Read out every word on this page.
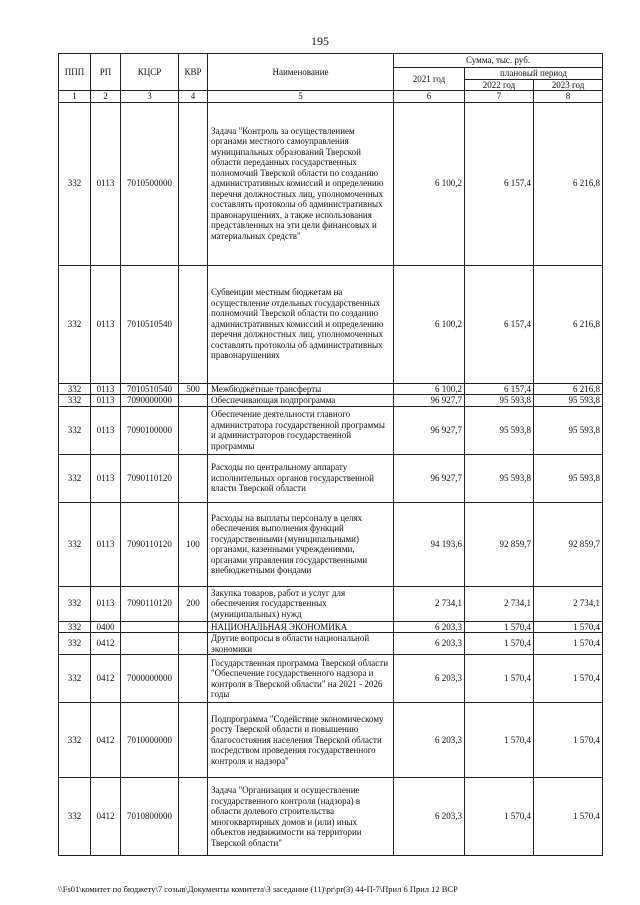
195
ППП	РП	КЦСР	КВР	Наименование	Сумма, тыс. руб.		
					2021 год	плановый период	
						2022 год	2023 год
1	2	3	4	5	6	7	8
332	0113	7010500000		Задача "Контроль за осуществлением органами местного самоуправления муниципальных образований Тверской области переданных государственных полномочий Тверской области по созданию административных комиссий и определению перечня должностных лиц, уполномоченных составлять протоколы об административных правонарушениях, а также использования представленных на эти цели финансовых и материальных средств"	6 100,2	6 157,4	6 216,8
332	0113	7010510540		Субвенции местным бюджетам на осуществление отдельных государственных полномочий Тверской области по созданию административных комиссий и определению перечня должностных лиц, уполномоченных составлять протоколы об административных правонарушениях	6 100,2	6 157,4	6 216,8
332	0113	7010510540	500	Межбюджетные трансферты	6 100,2	6 157,4	6 216,8
332	0113	7090000000		Обеспечивающая подпрограмма	96 927,7	95 593,8	95 593,8
332	0113	7090100000		Обеспечение деятельности главного администратора государственной программы и администраторов государственной программы	96 927,7	95 593,8	95 593,8
332	0113	7090110120		Расходы по центральному аппарату исполнительных органов государственной власти Тверской области	96 927,7	95 593,8	95 593,8
332	0113	7090110120	100	Расходы на выплаты персоналу в целях обеспечения выполнения функций государственными (муниципальными) органами, казенными учреждениями, органами управления государственными внебюджетными фондами	94 193,6	92 859,7	92 859,7
332	0113	7090110120	200	Закупка товаров, работ и услуг для обеспечения государственных (муниципальных) нужд	2 734,1	2 734,1	2 734,1
332	0400			НАЦИОНАЛЬНАЯ ЭКОНОМИКА	6 203,3	1 570,4	1 570,4
332	0412			Другие вопросы в области национальной экономики	6 203,3	1 570,4	1 570,4
332	0412	7000000000		Государственная программа Тверской области "Обеспечение государственного надзора и контроля в Тверской области" на 2021 - 2026 годы	6 203,3	1 570,4	1 570,4
332	0412	7010000000		Подпрограмма "Содействие экономическому росту Тверской области и повышению благосостояния населения Тверской области посредством проведения государственного контроля и надзора"	6 203,3	1 570,4	1 570,4
332	0412	7010800000		Задача "Организация и осуществление государственного контроля (надзора) в области долевого строительства многоквартирных домов и (или) иных объектов недвижимости на территории Тверской области"	6 203,3	1 570,4	1 570,4
\\Fs01\комитет по бюджету\7 созыв\Документы комитета\3 заседание (11)\pr\pr(3) 44-П-7\Прил 6 Прил 12 ВСР
